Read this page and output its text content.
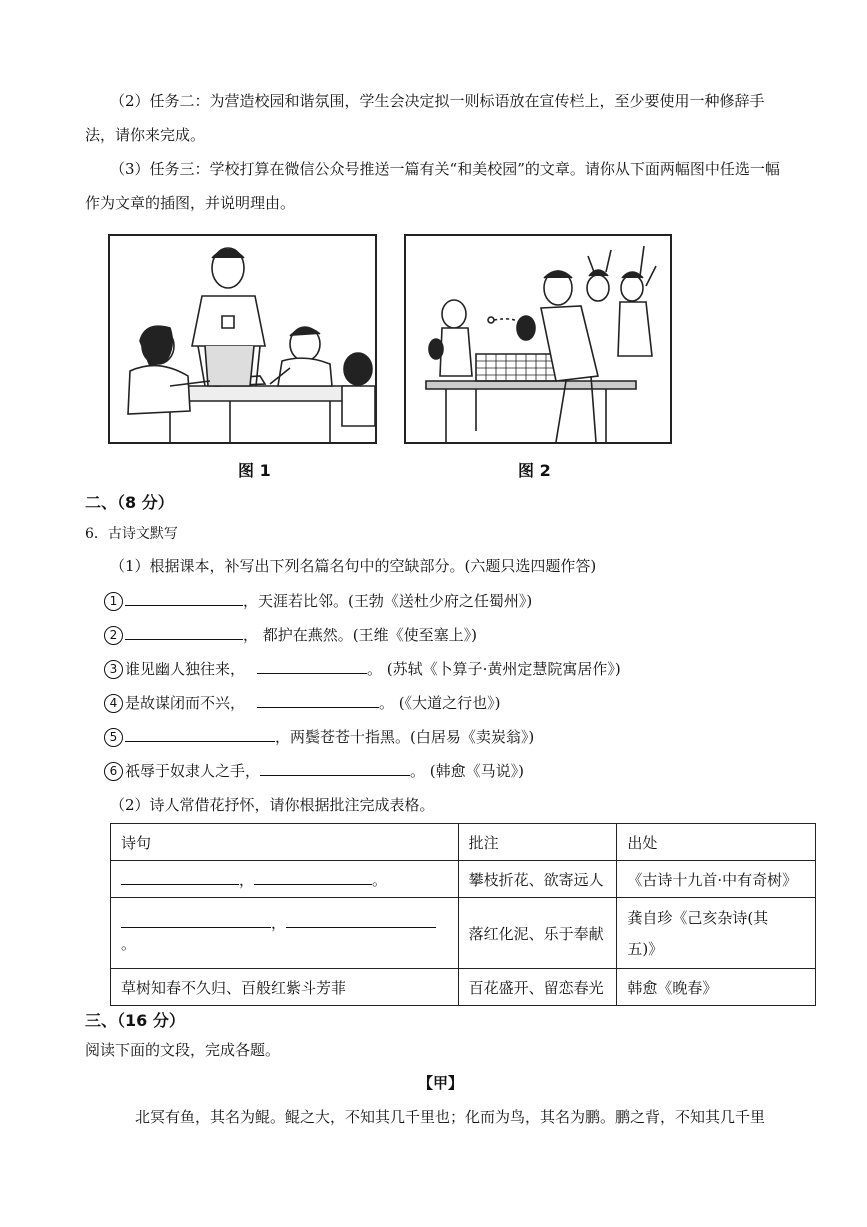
（2）任务二：为营造校园和谐氛围，学生会决定拟一则标语放在宣传栏上，至少要使用一种修辞手
法，请你来完成。
（3）任务三：学校打算在微信公众号推送一篇有关“和美校园”的文章。请你从下面两幅图中任选一幅
作为文章的插图，并说明理由。
图 1	图 2
二、（8 分）
6．古诗文默写
（1）根据课本，补写出下列名篇名句中的空缺部分。(六题只选四题作答)
1	，天涯若比邻。(王勃《送杜少府之任蜀州》)
2	， 都护在燕然。(王维《使至塞上》)
3 谁见幽人独往来，	。 (苏轼《卜算子·黄州定慧院寓居作》)
4 是故谋闭而不兴，	。 (《大道之行也》)
5	，两鬓苍苍十指黑。(白居易《卖炭翁》)
6 祇辱于奴隶人之手，	。 (韩愈《马说》)
（2）诗人常借花抒怀，请你根据批注完成表格。
诗句	批注	出处
， 。	攀枝折花、欲寄远人	《古诗十九首·中有奇树》
，。	落红化泥、乐于奉献	龚自珍《己亥杂诗(其
五)》

草树知春不久归、百般红紫斗芳菲	百花盛开、留恋春光	韩愈《晚春》
三、（16 分）
阅读下面的文段，完成各题。
【甲】
北冥有鱼，其名为鲲。鲲之大，不知其几千里也；化而为鸟，其名为鹏。鹏之背，不知其几千里
